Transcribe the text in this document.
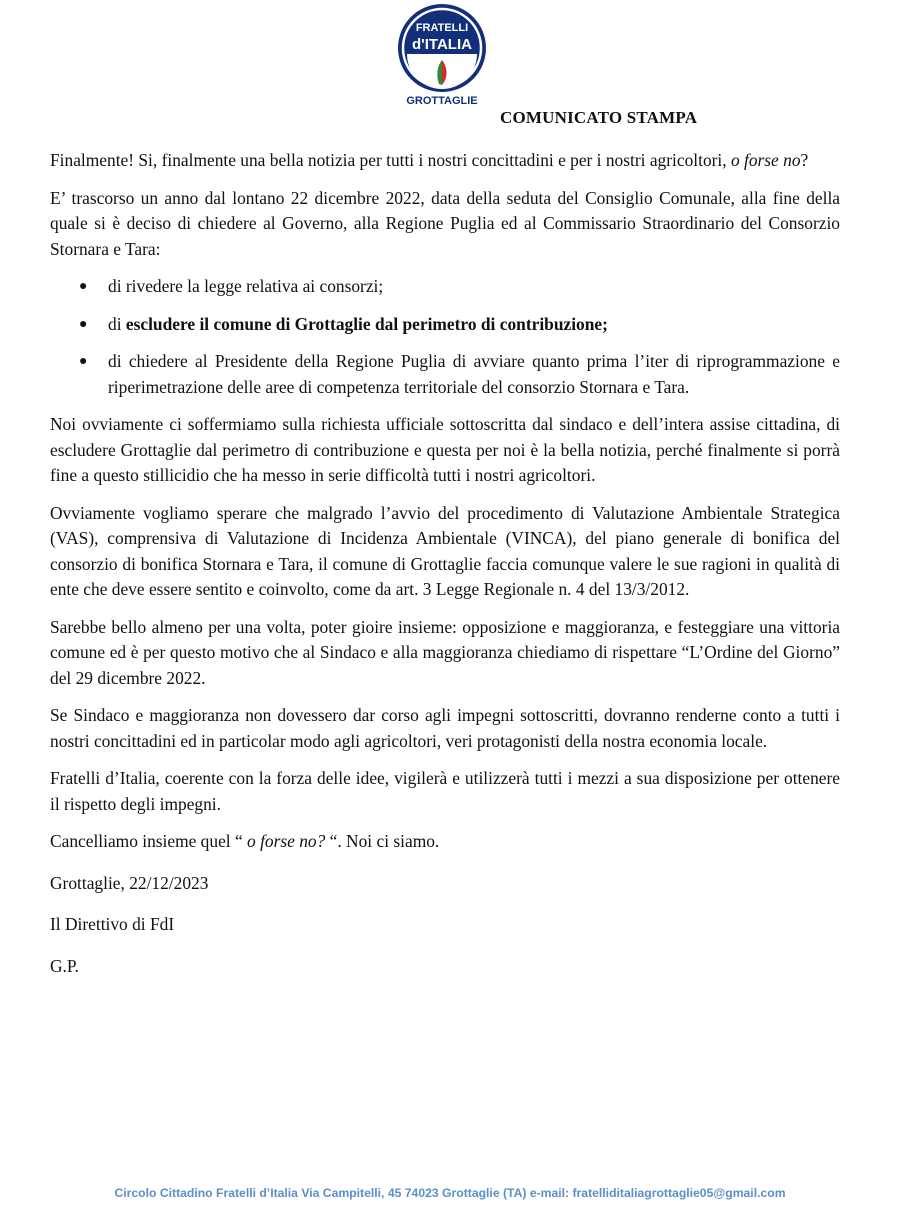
FRATELLI
d'ITALIA
GROTTAGLIE
COMUNICATO STAMPA

Finalmente! Si, finalmente una bella notizia per tutti i nostri concittadini e per i nostri agricoltori, o forse no?

E’ trascorso un anno dal lontano 22 dicembre 2022, data della seduta del Consiglio Comunale, alla fine della quale si è deciso di chiedere al Governo, alla Regione Puglia ed al Commissario Straordinario del Consorzio Stornara e Tara:

● di rivedere la legge relativa ai consorzi;
● di escludere il comune di Grottaglie dal perimetro di contribuzione;
● di chiedere al Presidente della Regione Puglia di avviare quanto prima l’iter di riprogrammazione e riperimetrazione delle aree di competenza territoriale del consorzio Stornara e Tara.

Noi ovviamente ci soffermiamo sulla richiesta ufficiale sottoscritta dal sindaco e dell’intera assise cittadina, di escludere Grottaglie dal perimetro di contribuzione e questa per noi è la bella notizia, perché finalmente si porrà fine a questo stillicidio che ha messo in serie difficoltà tutti i nostri agricoltori.

Ovviamente vogliamo sperare che malgrado l’avvio del procedimento di Valutazione Ambientale Strategica (VAS), comprensiva di Valutazione di Incidenza Ambientale (VINCA), del piano generale di bonifica del consorzio di bonifica Stornara e Tara, il comune di Grottaglie faccia comunque valere le sue ragioni in qualità di ente che deve essere sentito e coinvolto, come da art. 3 Legge Regionale n. 4 del 13/3/2012.

Sarebbe bello almeno per una volta, poter gioire insieme: opposizione e maggioranza, e festeggiare una vittoria comune ed è per questo motivo che al Sindaco e alla maggioranza chiediamo di rispettare “L’Ordine del Giorno” del 29 dicembre 2022.

Se Sindaco e maggioranza non dovessero dar corso agli impegni sottoscritti, dovranno renderne conto a tutti i nostri concittadini ed in particolar modo agli agricoltori, veri protagonisti della nostra economia locale.

Fratelli d’Italia, coerente con la forza delle idee, vigilerà e utilizzerà tutti i mezzi a sua disposizione per ottenere il rispetto degli impegni.

Cancelliamo insieme quel “ o forse no? “. Noi ci siamo.

Grottaglie, 22/12/2023

Il Direttivo di FdI

G.P.

Circolo Cittadino Fratelli d’Italia Via Campitelli, 45 74023 Grottaglie (TA) e-mail: fratelliditaliagrottaglie05@gmail.com
